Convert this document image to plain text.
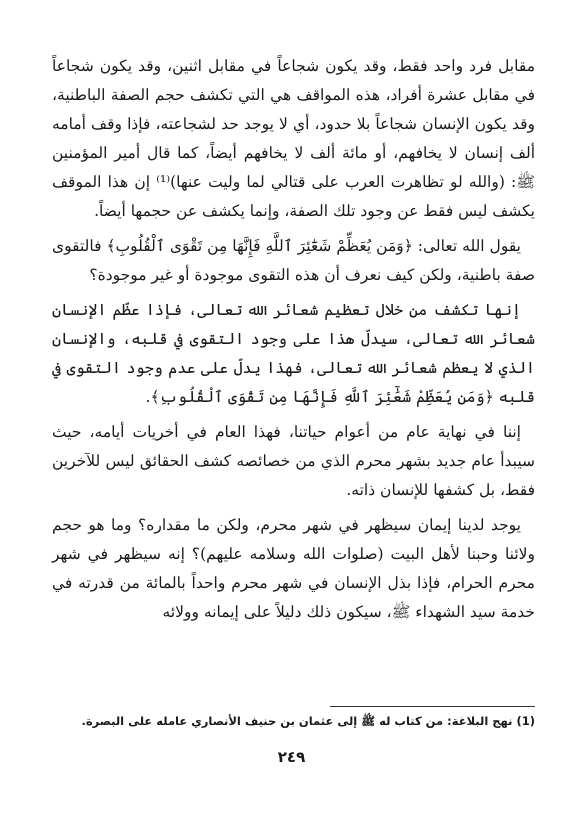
مقابل فرد واحد فقط، وقد يكون شجاعاً في مقابل اثنين، وقد يكون شجاعاً في مقابل عشرة أفراد، هذه المواقف هي التي تكشف حجم الصفة الباطنية، وقد يكون الإنسان شجاعاً بلا حدود، أي لا يوجد حد لشجاعته، فإذا وقف أمامه ألف إنسان لا يخافهم، أو مائة ألف لا يخافهم أيضاً، كما قال أمير المؤمنين ﷺ: (والله لو تظاهرت العرب على قتالي لما وليت عنها)⁽¹⁾ إن هذا الموقف يكشف ليس فقط عن وجود تلك الصفة، وإنما يكشف عن حجمها أيضاً.

يقول الله تعالى: ﴿وَمَن يُعَظِّمْ شَعَٰٓئِرَ ٱللَّهِ فَإِنَّهَا مِن تَقْوَى ٱلْقُلُوبِ﴾ فالتقوى صفة باطنية، ولكن كيف نعرف أن هذه التقوى موجودة أو غير موجودة؟

إنها تكشف من خلال تعظيم شعائر الله تعالى، فإذا عظّم الإنسان شعائر الله تعالى، سيدلّ هذا على وجود التقوى في قلبه، والإنسان الذي لا يعظم شعائر الله تعالى، فهذا يدلّ على عدم وجود التقوى في قلبه ﴿وَمَن يُعَظِّمْ شَعَٰٓئِرَ ٱللَّهِ فَإِنَّهَا مِن تَقْوَى ٱلْقُلُوبِ﴾.

إننا في نهاية عام من أعوام حياتنا، فهذا العام في أخريات أيامه، حيث سيبدأ عام جديد بشهر محرم الذي من خصائصه كشف الحقائق ليس للآخرين فقط، بل كشفها للإنسان ذاته.

يوجد لدينا إيمان سيظهر في شهر محرم، ولكن ما مقداره؟ وما هو حجم ولائنا وحبنا لأهل البيت (صلوات الله وسلامه عليهم)؟ إنه سيظهر في شهر محرم الحرام، فإذا بذل الإنسان في شهر محرم واحداً بالمائة من قدرته في خدمة سيد الشهداء ﷺ، سيكون ذلك دليلاً على إيمانه وولائه

(1) نهج البلاغة: من كتاب له ﷺ إلى عثمان بن حنيف الأنصاري عامله على البصرة.
٢٤٩
